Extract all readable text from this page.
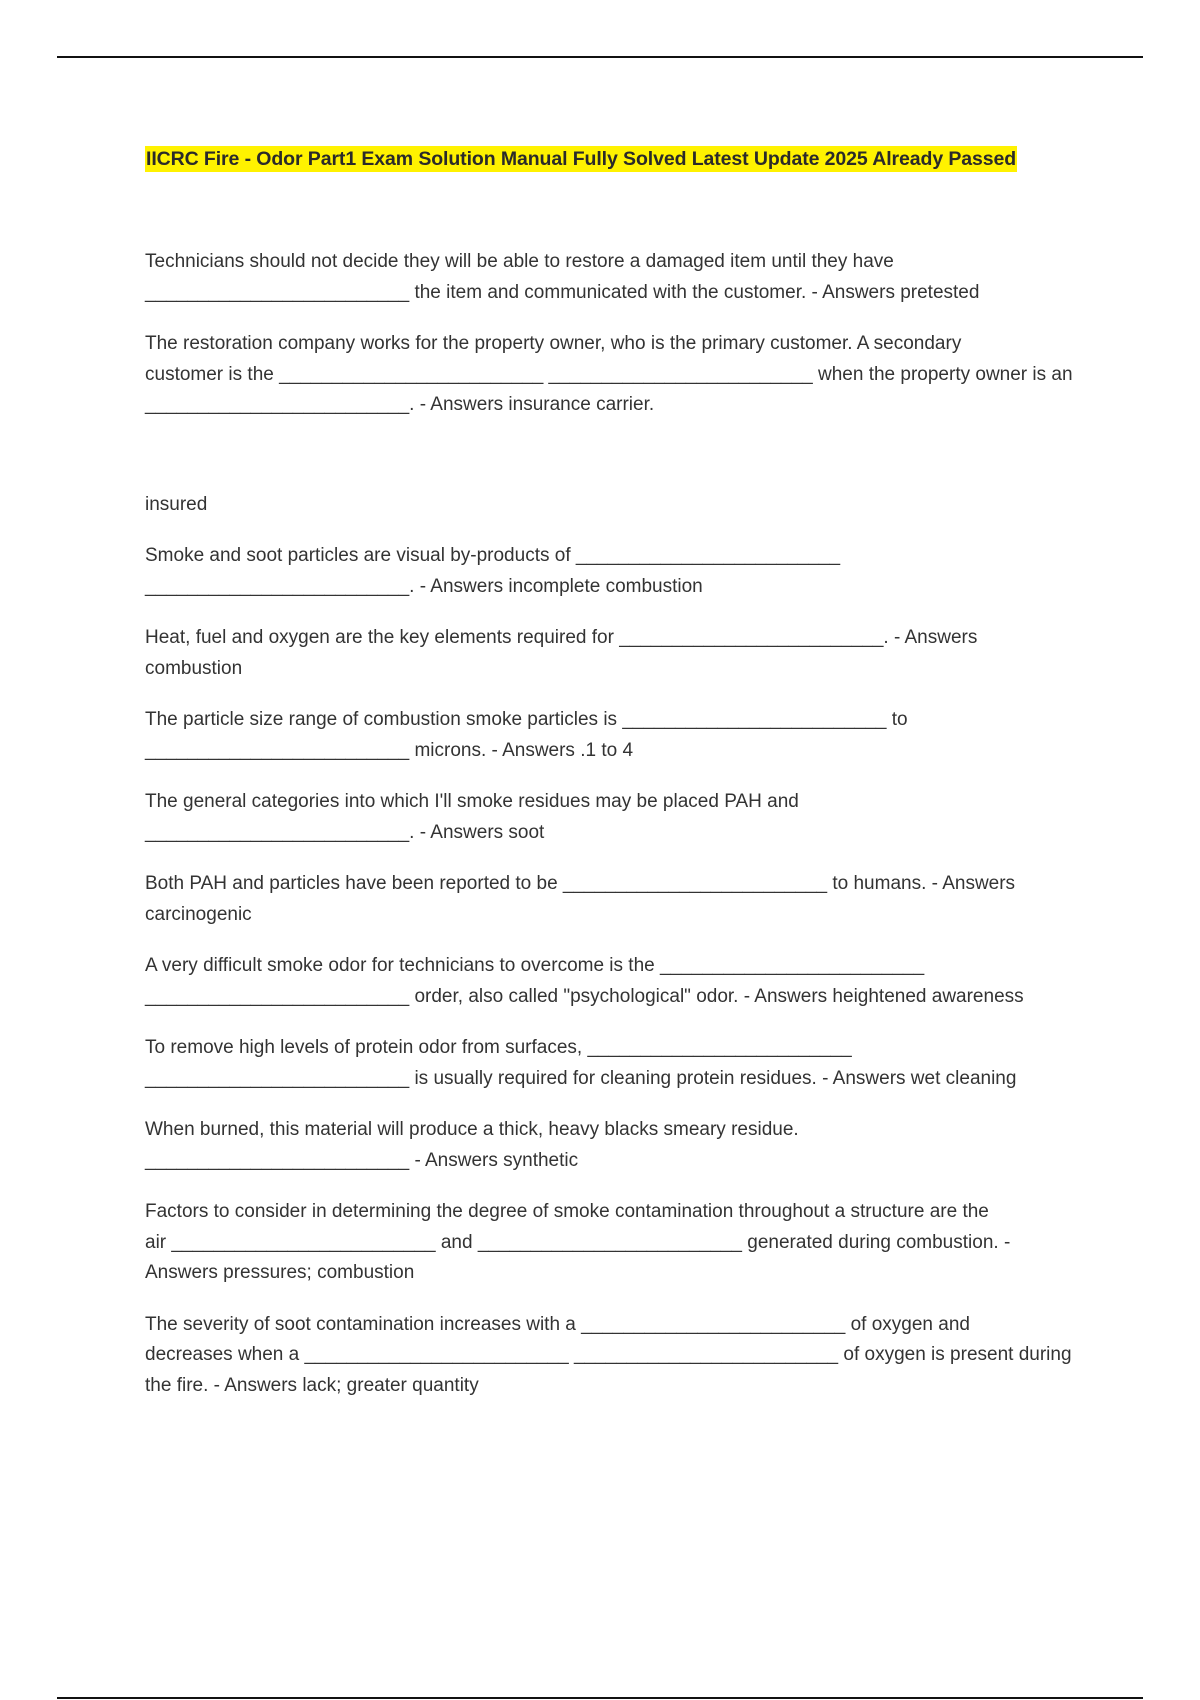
IICRC Fire - Odor Part1 Exam Solution Manual Fully Solved Latest Update 2025 Already Passed
Technicians should not decide they will be able to restore a damaged item until they have
_________________________ the item and communicated with the customer. - Answers pretested
The restoration company works for the property owner, who is the primary customer. A secondary
customer is the _________________________ _________________________ when the property owner is an
_________________________. - Answers insurance carrier.
insured
Smoke and soot particles are visual by-products of _________________________
_________________________. - Answers incomplete combustion
Heat, fuel and oxygen are the key elements required for _________________________. - Answers
combustion
The particle size range of combustion smoke particles is _________________________ to
_________________________ microns. - Answers .1 to 4
The general categories into which I'll smoke residues may be placed PAH and
_________________________. - Answers soot
Both PAH and particles have been reported to be _________________________ to humans. - Answers
carcinogenic
A very difficult smoke odor for technicians to overcome is the _________________________
_________________________ order, also called "psychological" odor. - Answers heightened awareness
To remove high levels of protein odor from surfaces, _________________________
_________________________ is usually required for cleaning protein residues. - Answers wet cleaning
When burned, this material will produce a thick, heavy blacks smeary residue.
_________________________ - Answers synthetic
Factors to consider in determining the degree of smoke contamination throughout a structure are the
air _________________________ and _________________________ generated during combustion. -
Answers pressures; combustion
The severity of soot contamination increases with a _________________________ of oxygen and
decreases when a _________________________ _________________________ of oxygen is present during
the fire. - Answers lack; greater quantity
